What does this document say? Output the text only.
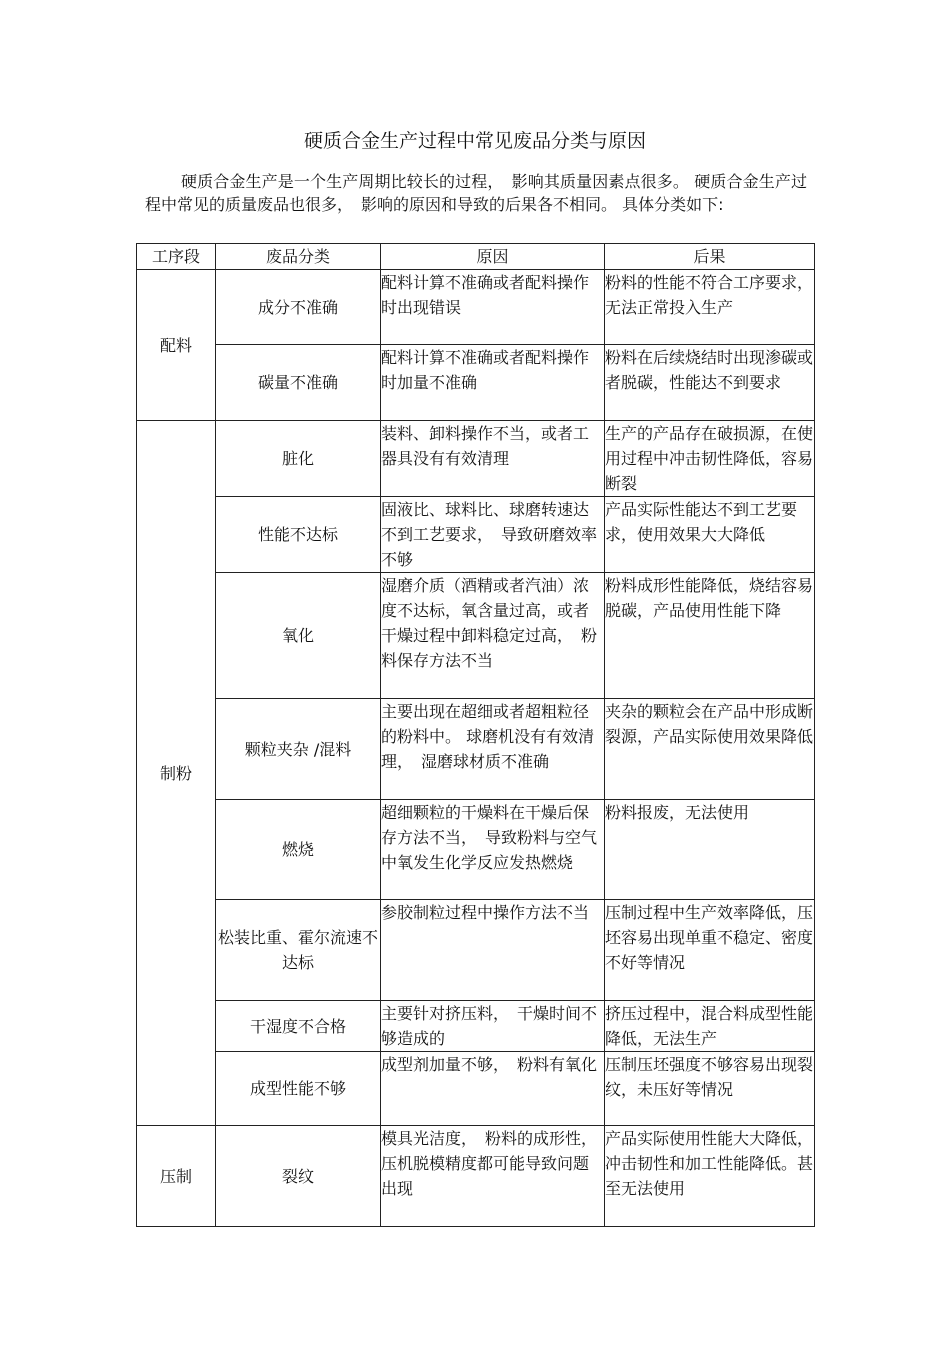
硬质合金生产过程中常见废品分类与原因
硬质合金生产是一个生产周期比较长的过程，　影响其质量因素点很多。 硬质合金生产过程中常见的质量废品也很多，　影响的原因和导致的后果各不相同。 具体分类如下:
工序段	废品分类	原因	后果
配料	成分不准确	配料计算不准确或者配料操作时出现错误	粉料的性能不符合工序要求，无法正常投入生产
	碳量不准确	配料计算不准确或者配料操作时加量不准确	粉料在后续烧结时出现渗碳或者脱碳，性能达不到要求
制粉	脏化	装料、卸料操作不当，或者工器具没有有效清理	生产的产品存在破损源，在使用过程中冲击韧性降低，容易断裂
	性能不达标	固液比、球料比、球磨转速达不到工艺要求，　导致研磨效率不够	产品实际性能达不到工艺要求，使用效果大大降低
	氧化	湿磨介质（酒精或者汽油）浓度不达标，氧含量过高，或者干燥过程中卸料稳定过高，　粉料保存方法不当	粉料成形性能降低，烧结容易脱碳，产品使用性能下降
	颗粒夹杂 /混料	主要出现在超细或者超粗粒径的粉料中。 球磨机没有有效清理，　湿磨球材质不准确	夹杂的颗粒会在产品中形成断裂源，产品实际使用效果降低
	燃烧	超细颗粒的干燥料在干燥后保存方法不当，　导致粉料与空气中氧发生化学反应发热燃烧	粉料报废，无法使用
	松装比重、霍尔流速不达标	参胶制粒过程中操作方法不当	压制过程中生产效率降低，压坯容易出现单重不稳定、密度不好等情况
	干湿度不合格	主要针对挤压料，　干燥时间不够造成的	挤压过程中，混合料成型性能降低，无法生产
	成型性能不够	成型剂加量不够，　粉料有氧化	压制压坯强度不够容易出现裂纹，未压好等情况
压制	裂纹	模具光洁度，　粉料的成形性，压机脱模精度都可能导致问题出现	产品实际使用性能大大降低，冲击韧性和加工性能降低。甚至无法使用
